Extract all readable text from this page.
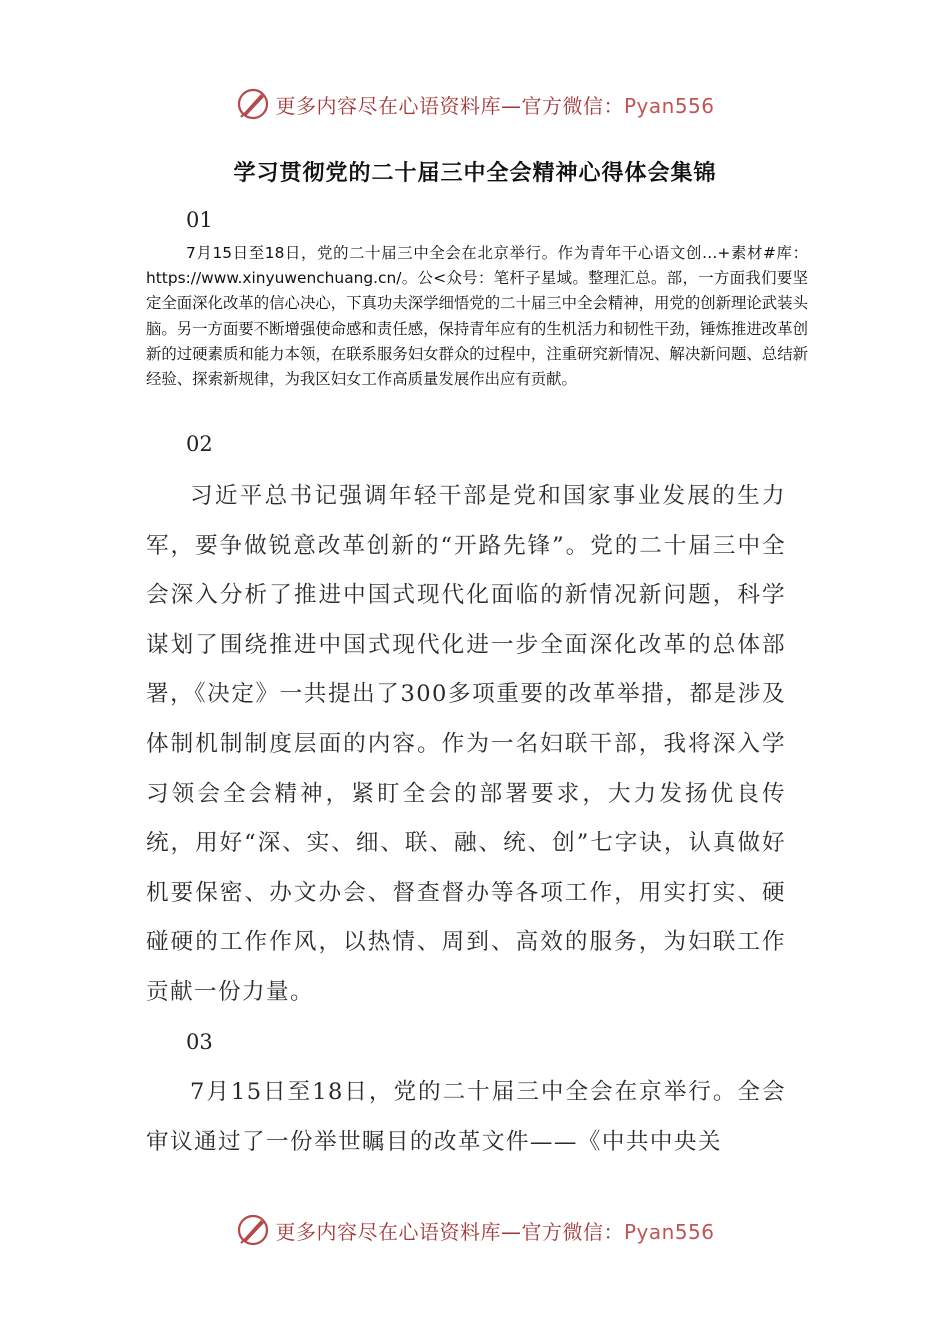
更多内容尽在心语资料库—官方微信：Pyan556
学习贯彻党的二十届三中全会精神心得体会集锦
01

7月15日至18日，党的二十届三中全会在北京举行。作为青年干心语文创…+素材#库：https://www.xinyuwenchuang.cn/。公<众号：笔杆子星域。整理汇总。部，一方面我们要坚定全面深化改革的信心决心，下真功夫深学细悟党的二十届三中全会精神，用党的创新理论武装头脑。另一方面要不断增强使命感和责任感，保持青年应有的生机活力和韧性干劲，锤炼推进改革创新的过硬素质和能力本领，在联系服务妇女群众的过程中，注重研究新情况、解决新问题、总结新经验、探索新规律，为我区妇女工作高质量发展作出应有贡献。

02

习近平总书记强调年轻干部是党和国家事业发展的生力军，要争做锐意改革创新的“开路先锋”。党的二十届三中全会深入分析了推进中国式现代化面临的新情况新问题，科学谋划了围绕推进中国式现代化进一步全面深化改革的总体部署，《决定》一共提出了300多项重要的改革举措，都是涉及体制机制制度层面的内容。作为一名妇联干部，我将深入学习领会全会精神，紧盯全会的部署要求，大力发扬优良传统，用好“深、实、细、联、融、统、创”七字诀，认真做好机要保密、办文办会、督查督办等各项工作，用实打实、硬碰硬的工作作风，以热情、周到、高效的服务，为妇联工作贡献一份力量。

03

7月15日至18日，党的二十届三中全会在京举行。全会审议通过了一份举世瞩目的改革文件——《中共中央关

更多内容尽在心语资料库—官方微信：Pyan556
